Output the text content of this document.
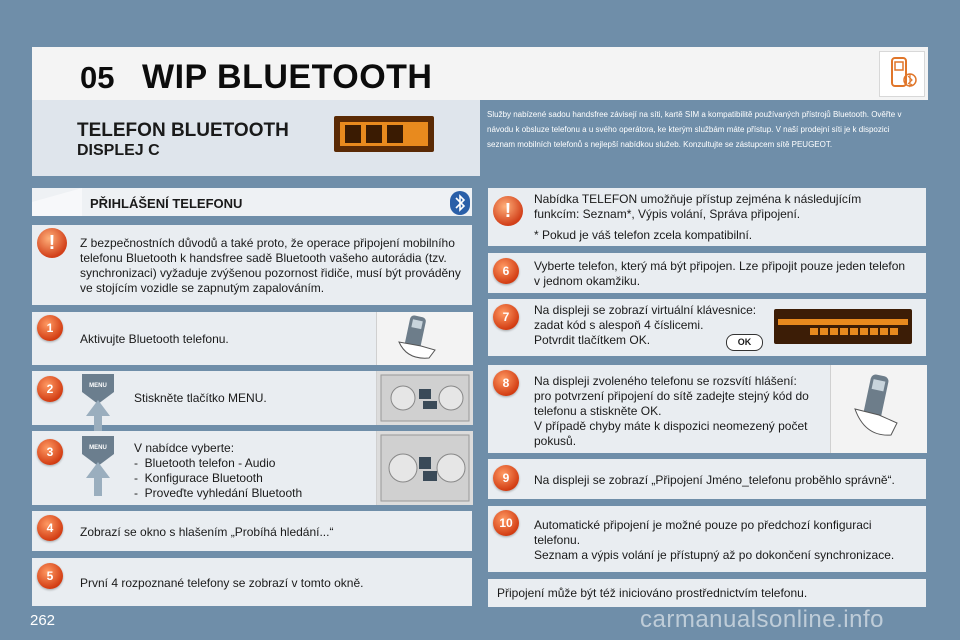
05 WIP BLUETOOTH
TELEFON BLUETOOTH
DISPLEJ C
Služby nabízené sadou handsfree závisejí na síti, kartě SIM a kompatibilitě používaných přístrojů Bluetooth. Ověřte v návodu k obsluze telefonu a u svého operátora, ke kterým službám máte přístup. V naší prodejní síti je k dispozici seznam mobilních telefonů s nejlepší nabídkou služeb. Konzultujte se zástupcem sítě PEUGEOT.
PŘIHLÁŠENÍ TELEFONU
!	Z bezpečnostních důvodů a také proto, že operace připojení mobilního telefonu Bluetooth k handsfree sadě Bluetooth vašeho autorádia (tzv. synchronizaci) vyžaduje zvýšenou pozornost řidiče, musí být prováděny ve stojícím vozidle se zapnutým zapalováním.
1
Aktivujte Bluetooth telefonu.
2	MENU
Stiskněte tlačítko MENU.
3	MENU V nabídce vyberte:
-  Bluetooth telefon - Audio
-  Konfigurace Bluetooth
-  Proveďte vyhledání Bluetooth
4	Zobrazí se okno s hlašením „Probíhá hledání...“
5	První 4 rozpoznané telefony se zobrazí v tomto okně.
!
Nabídka TELEFON umožňuje přístup zejména k následujícím
funkcím: Seznam*, Výpis volání, Správa připojení.
* Pokud je váš telefon zcela kompatibilní.
6	Vyberte telefon, který má být připojen. Lze připojit pouze jeden telefon v jednom okamžiku.
7	Na displeji se zobrazí virtuální klávesnice:
zadat kód s alespoň 4 číslicemi.
Potvrdit tlačítkem OK.	OK
8	Na displeji zvoleného telefonu se rozsvítí hlášení:
pro potvrzení připojení do sítě zadejte stejný kód do
telefonu a stiskněte OK.
V případě chyby máte k dispozici neomezený počet
pokusů.
9	Na displeji se zobrazí „Připojení Jméno_telefonu proběhlo správně“.
10	Automatické připojení je možné pouze po předchozí konfiguraci
telefonu.
Seznam a výpis volání je přístupný až po dokončení synchronizace.
Připojení může být též iniciováno prostřednictvím telefonu.
262	carmanualsonline.info
